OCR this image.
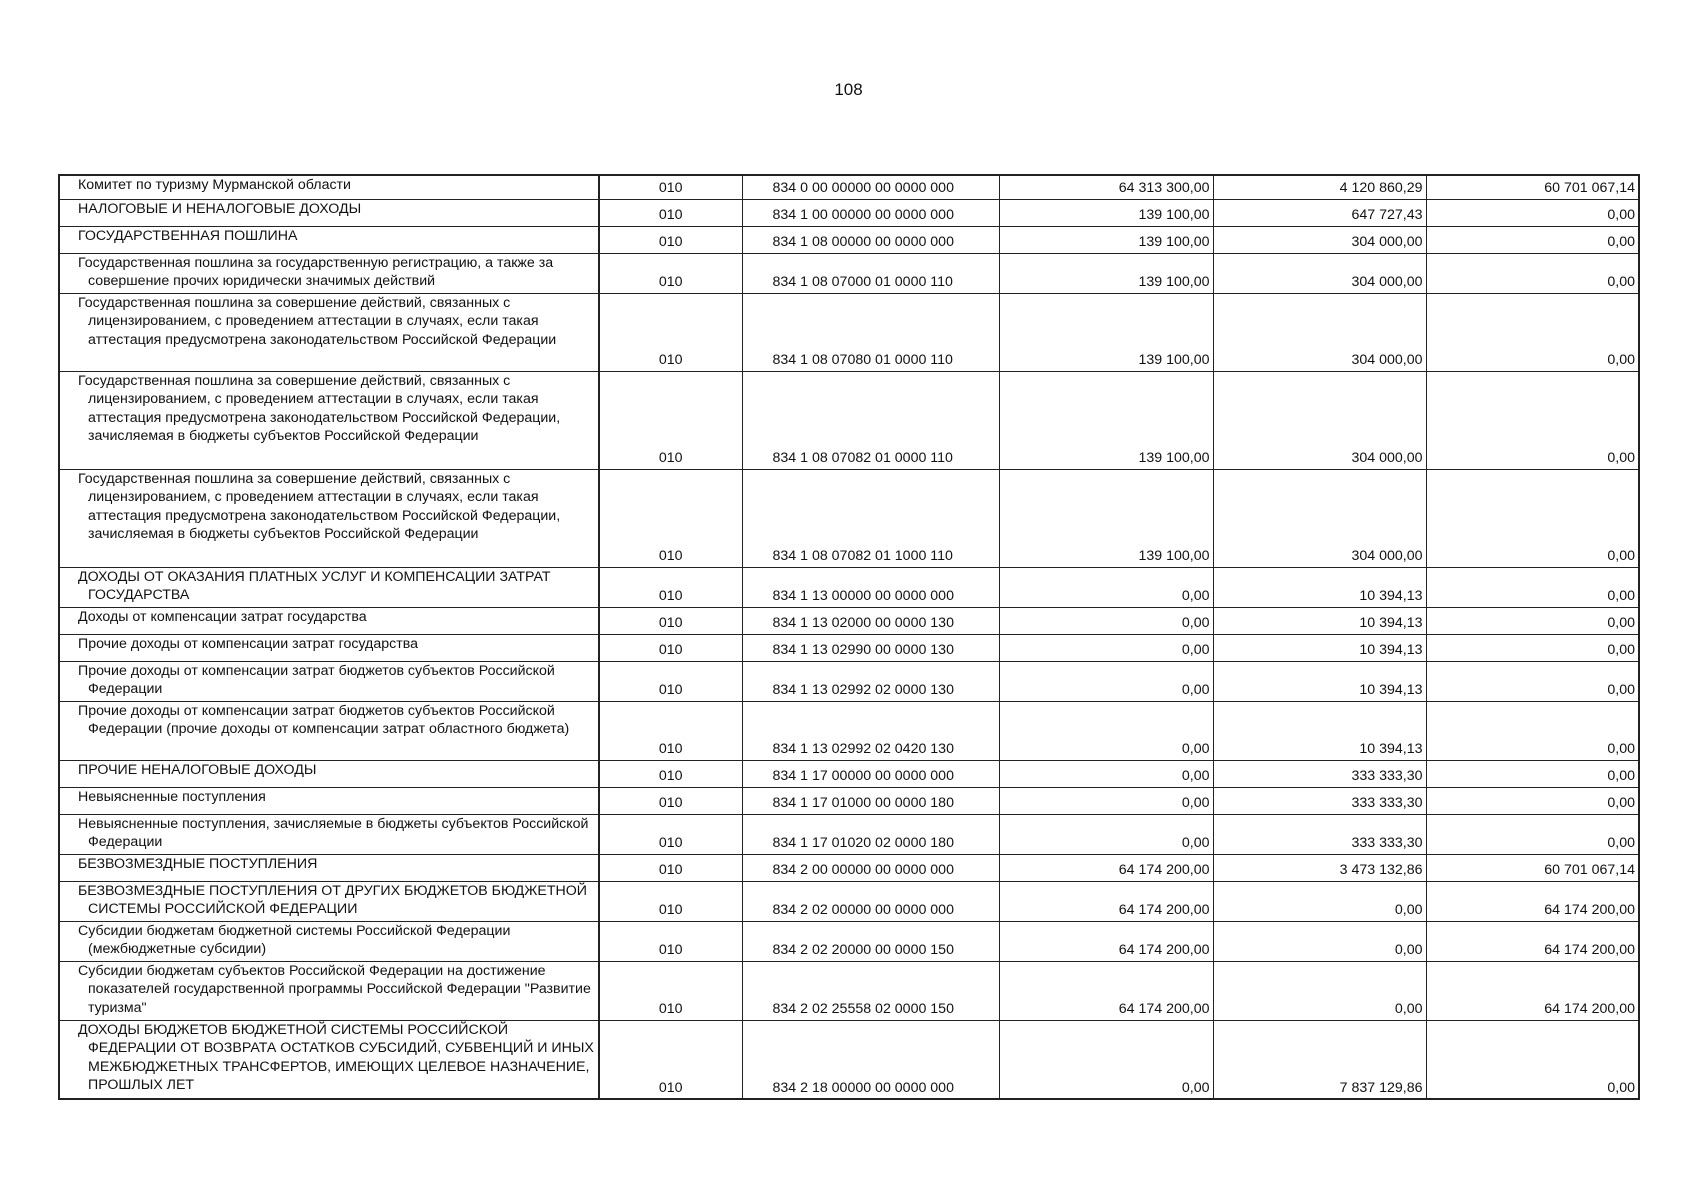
108
Комитет по туризму Мурманской области	010	834 0 00 00000 00 0000 000	64 313 300,00	4 120 860,29	60 701 067,14
НАЛОГОВЫЕ И НЕНАЛОГОВЫЕ ДОХОДЫ	010	834 1 00 00000 00 0000 000	139 100,00	647 727,43	0,00
ГОСУДАРСТВЕННАЯ ПОШЛИНА	010	834 1 08 00000 00 0000 000	139 100,00	304 000,00	0,00
Государственная пошлина за государственную регистрацию, а также за совершение прочих юридически значимых действий	010	834 1 08 07000 01 0000 110	139 100,00	304 000,00	0,00
Государственная пошлина за совершение действий, связанных с лицензированием, с проведением аттестации в случаях, если такая аттестация предусмотрена законодательством Российской Федерации	010	834 1 08 07080 01 0000 110	139 100,00	304 000,00	0,00
Государственная пошлина за совершение действий, связанных с лицензированием, с проведением аттестации в случаях, если такая аттестация предусмотрена законодательством Российской Федерации, зачисляемая в бюджеты субъектов Российской Федерации	010	834 1 08 07082 01 0000 110	139 100,00	304 000,00	0,00
Государственная пошлина за совершение действий, связанных с лицензированием, с проведением аттестации в случаях, если такая аттестация предусмотрена законодательством Российской Федерации, зачисляемая в бюджеты субъектов Российской Федерации	010	834 1 08 07082 01 1000 110	139 100,00	304 000,00	0,00
ДОХОДЫ ОТ ОКАЗАНИЯ ПЛАТНЫХ УСЛУГ И КОМПЕНСАЦИИ ЗАТРАТ ГОСУДАРСТВА	010	834 1 13 00000 00 0000 000	0,00	10 394,13	0,00
Доходы от компенсации затрат государства	010	834 1 13 02000 00 0000 130	0,00	10 394,13	0,00
Прочие доходы от компенсации затрат государства	010	834 1 13 02990 00 0000 130	0,00	10 394,13	0,00
Прочие доходы от компенсации затрат бюджетов субъектов Российской Федерации	010	834 1 13 02992 02 0000 130	0,00	10 394,13	0,00
Прочие доходы от компенсации затрат бюджетов субъектов Российской Федерации (прочие доходы от компенсации затрат областного бюджета)	010	834 1 13 02992 02 0420 130	0,00	10 394,13	0,00
ПРОЧИЕ НЕНАЛОГОВЫЕ ДОХОДЫ	010	834 1 17 00000 00 0000 000	0,00	333 333,30	0,00
Невыясненные поступления	010	834 1 17 01000 00 0000 180	0,00	333 333,30	0,00
Невыясненные поступления, зачисляемые в бюджеты субъектов Российской Федерации	010	834 1 17 01020 02 0000 180	0,00	333 333,30	0,00
БЕЗВОЗМЕЗДНЫЕ ПОСТУПЛЕНИЯ	010	834 2 00 00000 00 0000 000	64 174 200,00	3 473 132,86	60 701 067,14
БЕЗВОЗМЕЗДНЫЕ ПОСТУПЛЕНИЯ ОТ ДРУГИХ БЮДЖЕТОВ БЮДЖЕТНОЙ СИСТЕМЫ РОССИЙСКОЙ ФЕДЕРАЦИИ	010	834 2 02 00000 00 0000 000	64 174 200,00	0,00	64 174 200,00
Субсидии бюджетам бюджетной системы Российской Федерации (межбюджетные субсидии)	010	834 2 02 20000 00 0000 150	64 174 200,00	0,00	64 174 200,00
Субсидии бюджетам субъектов Российской Федерации на достижение показателей государственной программы Российской Федерации "Развитие туризма"	010	834 2 02 25558 02 0000 150	64 174 200,00	0,00	64 174 200,00
ДОХОДЫ БЮДЖЕТОВ БЮДЖЕТНОЙ СИСТЕМЫ РОССИЙСКОЙ ФЕДЕРАЦИИ ОТ ВОЗВРАТА ОСТАТКОВ СУБСИДИЙ, СУБВЕНЦИЙ И ИНЫХ МЕЖБЮДЖЕТНЫХ ТРАНСФЕРТОВ, ИМЕЮЩИХ ЦЕЛЕВОЕ НАЗНАЧЕНИЕ, ПРОШЛЫХ ЛЕТ	010	834 2 18 00000 00 0000 000	0,00	7 837 129,86	0,00
